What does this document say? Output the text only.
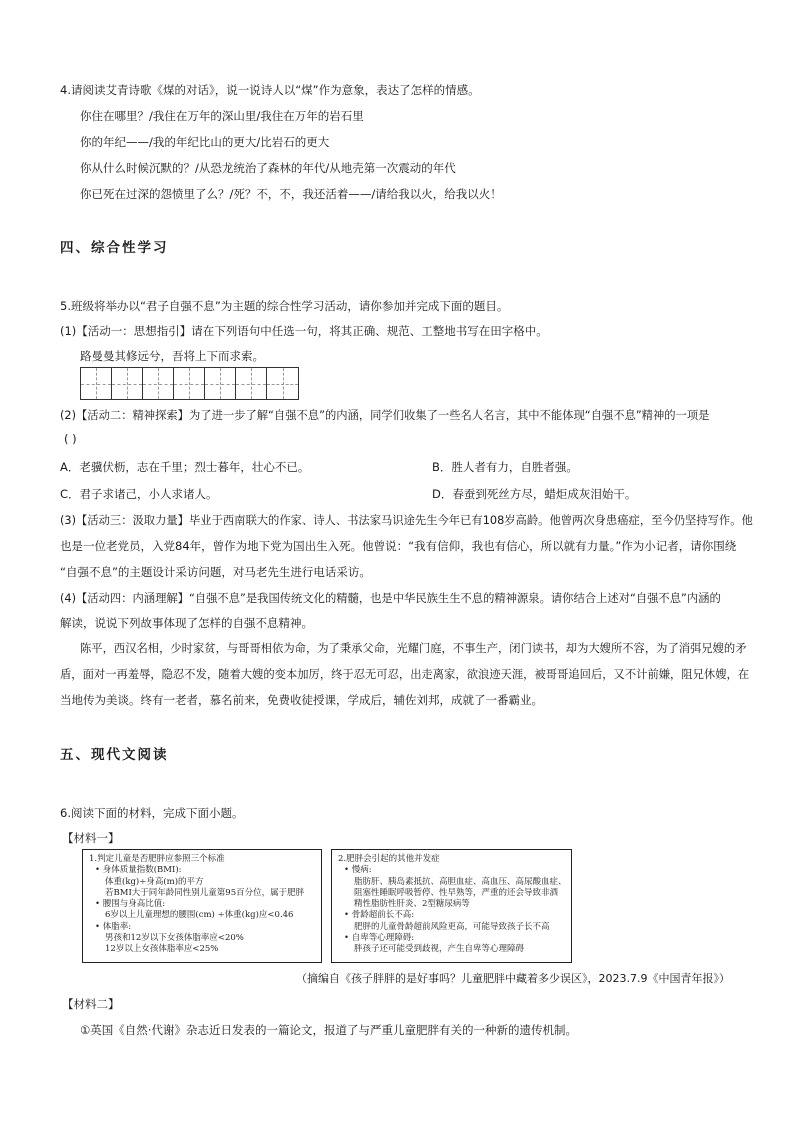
4.请阅读艾青诗歌《煤的对话》，说一说诗人以“煤”作为意象，表达了怎样的情感。
你住在哪里？/我住在万年的深山里/我住在万年的岩石里
你的年纪——/我的年纪比山的更大/比岩石的更大
你从什么时候沉默的？/从恐龙统治了森林的年代/从地壳第一次震动的年代
你已死在过深的怨愤里了么？/死？不，不，我还活着——/请给我以火，给我以火！
四、综合性学习
5.班级将举办以“君子自强不息”为主题的综合性学习活动，请你参加并完成下面的题目。
(1)【活动一：思想指引】请在下列语句中任选一句，将其正确、规范、工整地书写在田字格中。
路曼曼其修远兮，吾将上下而求索。
(2)【活动二：精神探索】为了进一步了解“自强不息”的内涵，同学们收集了一些名人名言，其中不能体现“自强不息”精神的一项是
( )
A．老骥伏枥，志在千里；烈士暮年，壮心不已。	B．胜人者有力，自胜者强。
C．君子求诸己，小人求诸人。	D．春蚕到死丝方尽，蜡炬成灰泪始干。
(3)【活动三：汲取力量】毕业于西南联大的作家、诗人、书法家马识途先生今年已有108岁高龄。他曾两次身患癌症，至今仍坚持写作。他
也是一位老党员，入党84年，曾作为地下党为国出生入死。他曾说：“我有信仰，我也有信心，所以就有力量。”作为小记者，请你围绕
“自强不息”的主题设计采访问题，对马老先生进行电话采访。
(4)【活动四：内涵理解】“自强不息”是我国传统文化的精髓，也是中华民族生生不息的精神源泉。请你结合上述对“自强不息”内涵的
解读，说说下列故事体现了怎样的自强不息精神。
陈平，西汉名相，少时家贫，与哥哥相依为命，为了秉承父命，光耀门庭，不事生产，闭门读书，却为大嫂所不容，为了消弭兄嫂的矛
盾，面对一再羞辱，隐忍不发，随着大嫂的变本加厉，终于忍无可忍，出走离家，欲浪迹天涯，被哥哥追回后，又不计前嫌，阻兄休嫂，在
当地传为美谈。终有一老者，慕名前来，免费收徒授课，学成后，辅佐刘邦，成就了一番霸业。
五、现代文阅读
6.阅读下面的材料，完成下面小题。
【材料一】
1.判定儿童是否肥胖应参照三个标准
• 身体质量指数(BMI):
体重(kg)÷身高(m)的平方
若BMI大于同年龄同性别儿童第95百分位，属于肥胖
• 腰围与身高比值:
6岁以上儿童理想的腰围(cm) ÷体重(kg)应<0.46
• 体脂率:
男孩和12岁以下女孩体脂率应<20%
12岁以上女孩体脂率应<25%
2.肥胖会引起的其他并发症
• 慢病:
脂肪肝、胰岛素抵抗、高胆血症、高血压、高尿酸血症、
阻塞性睡眠呼吸暂停、性早熟等，严重的还会导致非酒
精性脂肪性肝炎、2型糖尿病等
• 骨龄超前长不高:
肥胖的儿童骨龄超前风险更高，可能导致孩子长不高
• 自卑等心理障碍:
胖孩子还可能受到歧视，产生自卑等心理障碍
（摘编自《孩子胖胖的是好事吗？儿童肥胖中藏着多少误区》，2023.7.9《中国青年报》）
【材料二】
①英国《自然·代谢》杂志近日发表的一篇论文，报道了与严重儿童肥胖有关的一种新的遗传机制。
